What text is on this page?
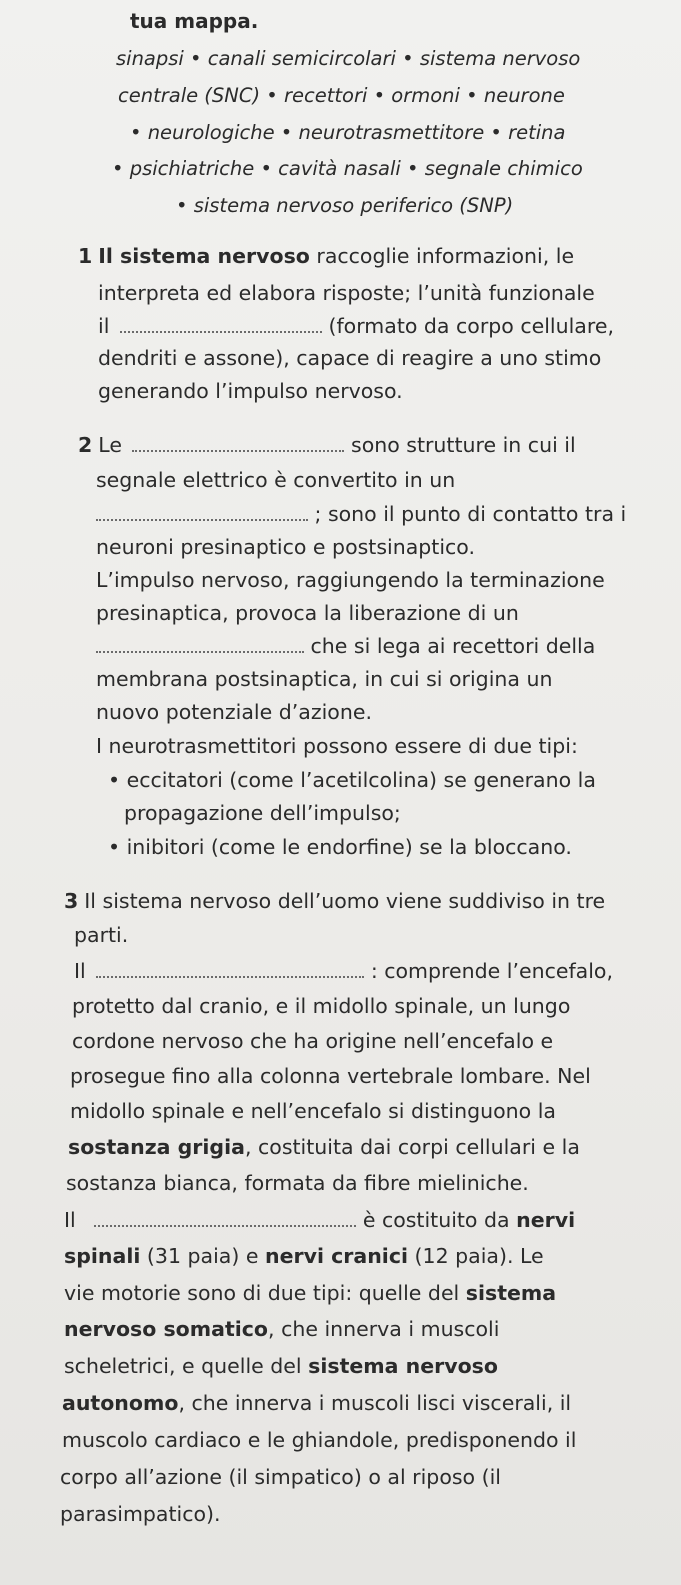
tua mappa.
sinapsi • canali semicircolari • sistema nervoso
centrale (SNC) • recettori • ormoni • neurone
• neurologiche • neurotrasmettitore • retina
• psichiatriche • cavità nasali • segnale chimico
• sistema nervoso periferico (SNP)
1 Il sistema nervoso raccoglie informazioni, le
interpreta ed elabora risposte; l’unità funzionale
il	(formato da corpo cellulare,
dendriti e assone), capace di reagire a uno stimo
generando l’impulso nervoso.
2 Le	sono strutture in cui il
segnale elettrico è convertito in un
; sono il punto di contatto tra i
neuroni presinaptico e postsinaptico.
L’impulso nervoso, raggiungendo la terminazione
presinaptica, provoca la liberazione di un
che si lega ai recettori della
membrana postsinaptica, in cui si origina un
nuovo potenziale d’azione.
I neurotrasmettitori possono essere di due tipi:
• eccitatori (come l’acetilcolina) se generano la
propagazione dell’impulso;
• inibitori (come le endorfine) se la bloccano.
3 Il sistema nervoso dell’uomo viene suddiviso in tre
parti.
Il	: comprende l’encefalo,
protetto dal cranio, e il midollo spinale, un lungo
cordone nervoso che ha origine nell’encefalo e
prosegue fino alla colonna vertebrale lombare. Nel
midollo spinale e nell’encefalo si distinguono la
sostanza grigia, costituita dai corpi cellulari e la
sostanza bianca, formata da fibre mieliniche.
Il	è costituito da nervi
spinali (31 paia) e nervi cranici (12 paia). Le
vie motorie sono di due tipi: quelle del sistema
nervoso somatico, che innerva i muscoli
scheletrici, e quelle del sistema nervoso
autonomo, che innerva i muscoli lisci viscerali, il
muscolo cardiaco e le ghiandole, predisponendo il
corpo all’azione (il simpatico) o al riposo (il
parasimpatico).
